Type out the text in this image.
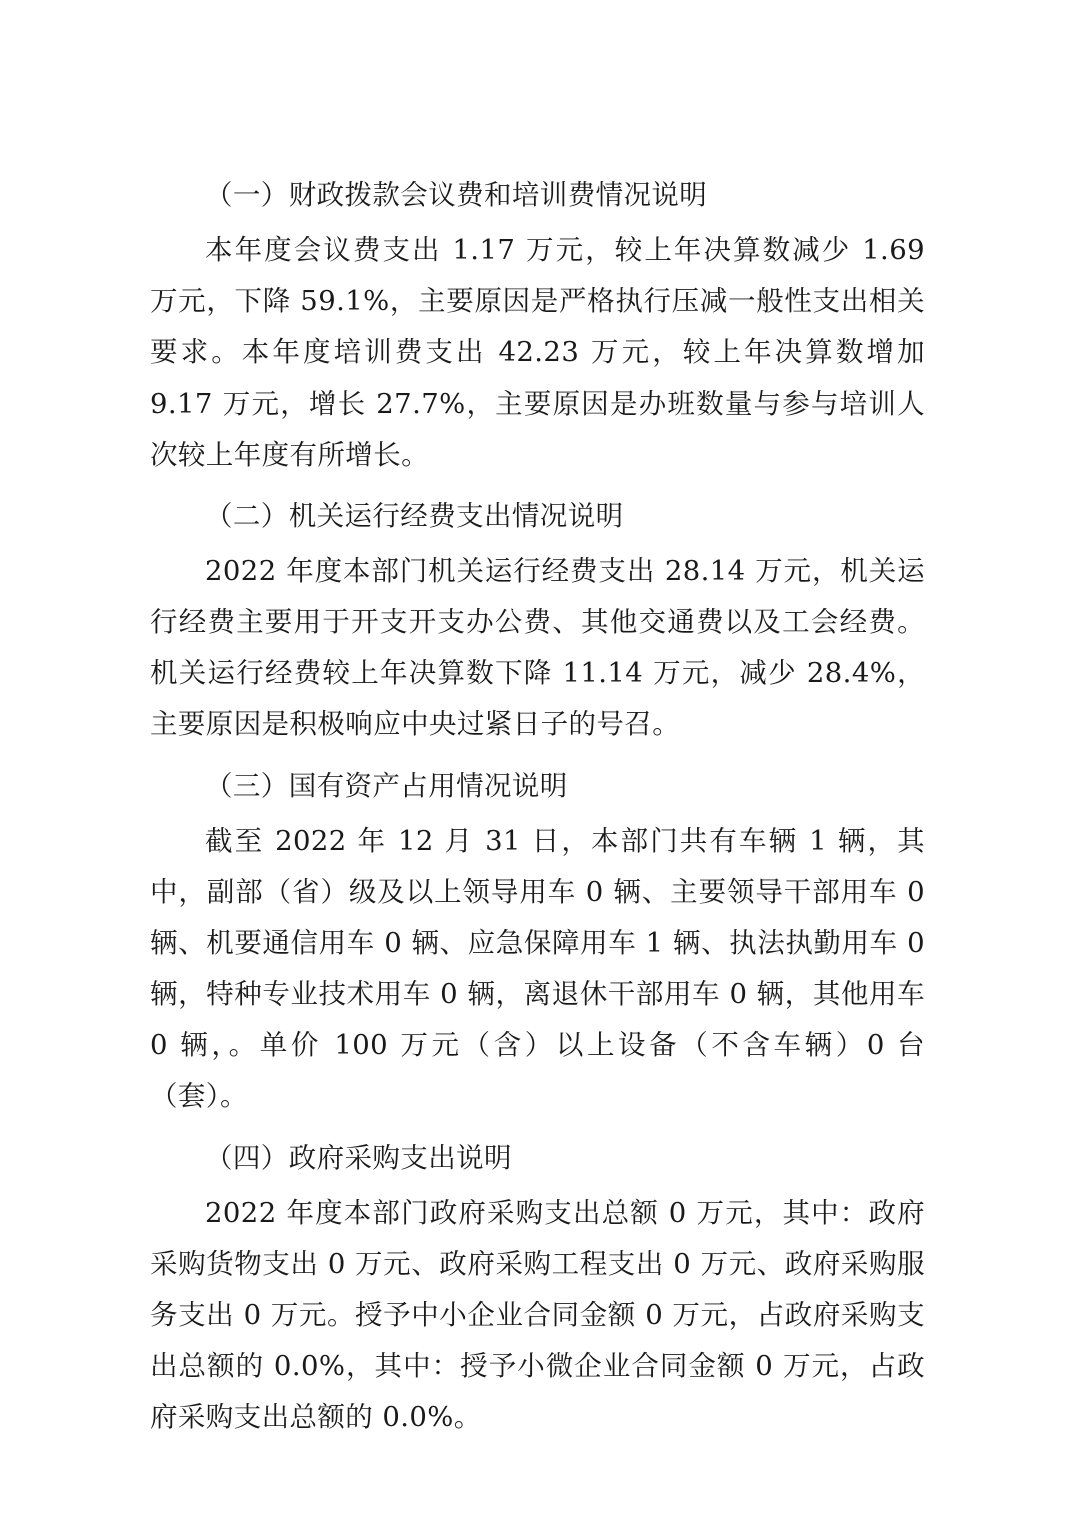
（一）财政拨款会议费和培训费情况说明

本年度会议费支出 1.17 万元，较上年决算数减少 1.69 万元，下降 59.1%，主要原因是严格执行压减一般性支出相关要求。本年度培训费支出 42.23 万元，较上年决算数增加 9.17 万元，增长 27.7%，主要原因是办班数量与参与培训人次较上年度有所增长。

（二）机关运行经费支出情况说明

2022 年度本部门机关运行经费支出 28.14 万元，机关运行经费主要用于开支开支办公费、其他交通费以及工会经费。机关运行经费较上年决算数下降 11.14 万元，减少 28.4%，主要原因是积极响应中央过紧日子的号召。

（三）国有资产占用情况说明

截至 2022 年 12 月 31 日，本部门共有车辆 1 辆，其中，副部（省）级及以上领导用车 0 辆、主要领导干部用车 0 辆、机要通信用车 0 辆、应急保障用车 1 辆、执法执勤用车 0 辆，特种专业技术用车 0 辆，离退休干部用车 0 辆，其他用车 0 辆，。单价 100 万元（含）以上设备（不含车辆）0 台（套）。

（四）政府采购支出说明

2022 年度本部门政府采购支出总额 0 万元，其中：政府采购货物支出 0 万元、政府采购工程支出 0 万元、政府采购服务支出 0 万元。授予中小企业合同金额 0 万元，占政府采购支出总额的 0.0%，其中：授予小微企业合同金额 0 万元，占政府采购支出总额的 0.0%。
